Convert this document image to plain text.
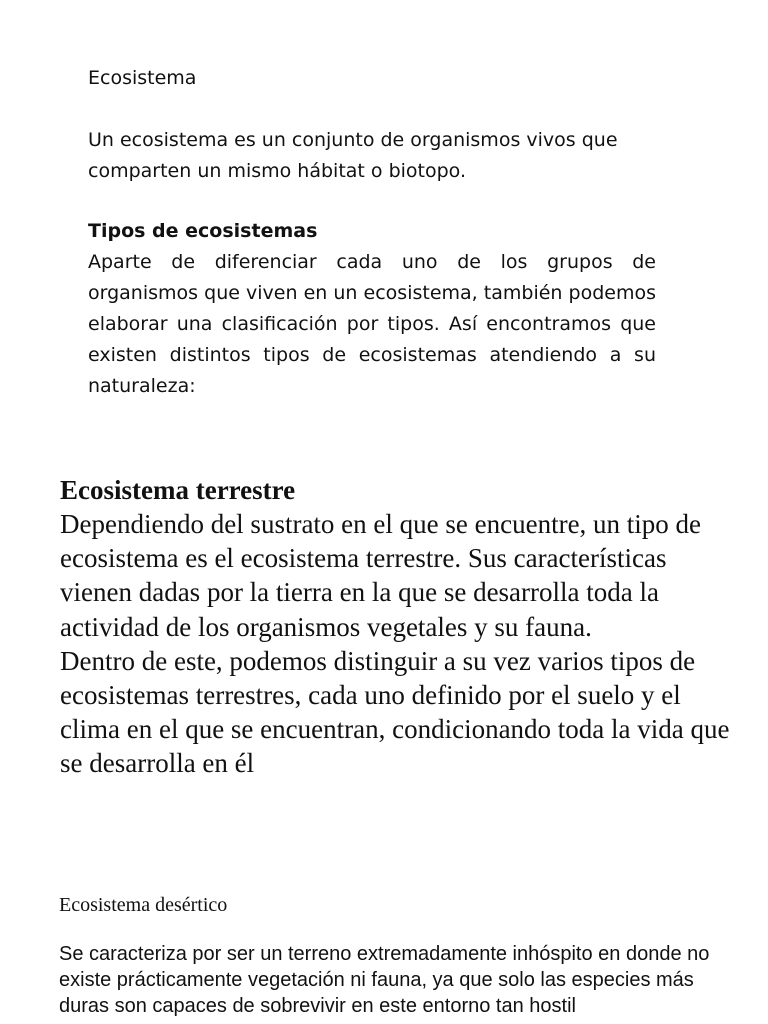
Ecosistema

Un ecosistema es un conjunto de organismos vivos que comparten un mismo hábitat o biotopo.

Tipos de ecosistemas

Aparte de diferenciar cada uno de los grupos de organismos que viven en un ecosistema, también podemos elaborar una clasificación por tipos. Así encontramos que existen distintos tipos de ecosistemas atendiendo a su naturaleza:

Ecosistema terrestre
Dependiendo del sustrato en el que se encuentre, un tipo de ecosistema es el ecosistema terrestre. Sus características vienen dadas por la tierra en la que se desarrolla toda la actividad de los organismos vegetales y su fauna.
Dentro de este, podemos distinguir a su vez varios tipos de ecosistemas terrestres, cada uno definido por el suelo y el clima en el que se encuentran, condicionando toda la vida que se desarrolla en él
Ecosistema desértico

Se caracteriza por ser un terreno extremadamente inhóspito en donde no existe prácticamente vegetación ni fauna, ya que solo las especies más duras son capaces de sobrevivir en este entorno tan hostil
